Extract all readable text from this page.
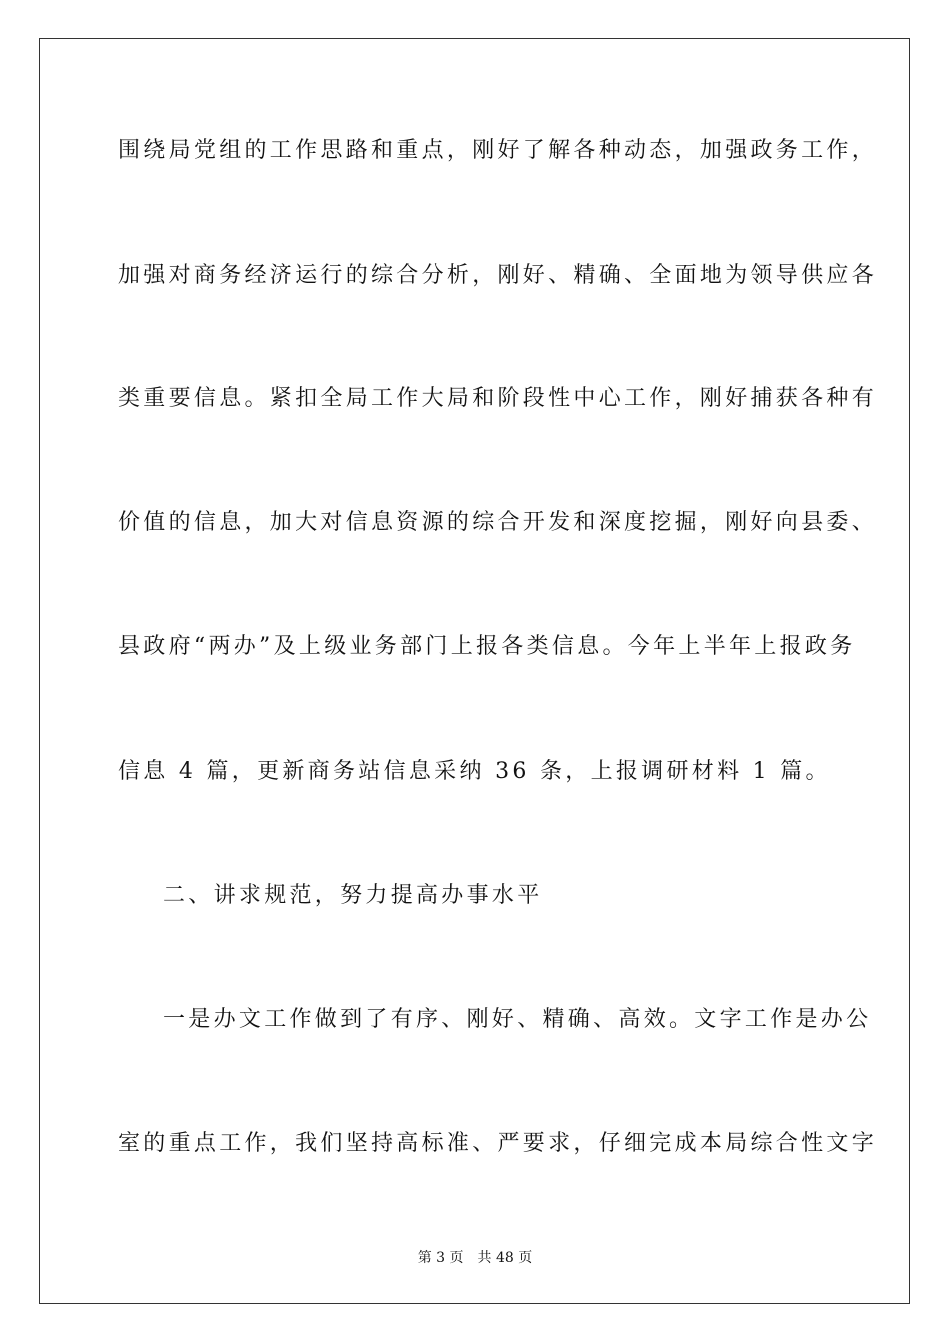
围绕局党组的工作思路和重点，刚好了解各种动态，加强政务工作，
加强对商务经济运行的综合分析，刚好、精确、全面地为领导供应各
类重要信息。紧扣全局工作大局和阶段性中心工作，刚好捕获各种有
价值的信息，加大对信息资源的综合开发和深度挖掘，刚好向县委、
县政府“两办”及上级业务部门上报各类信息。今年上半年上报政务
信息 4 篇，更新商务站信息采纳 36 条，上报调研材料 1 篇。
二、讲求规范，努力提高办事水平
一是办文工作做到了有序、刚好、精确、高效。文字工作是办公
室的重点工作，我们坚持高标准、严要求，仔细完成本局综合性文字
第 3 页 共 48 页
